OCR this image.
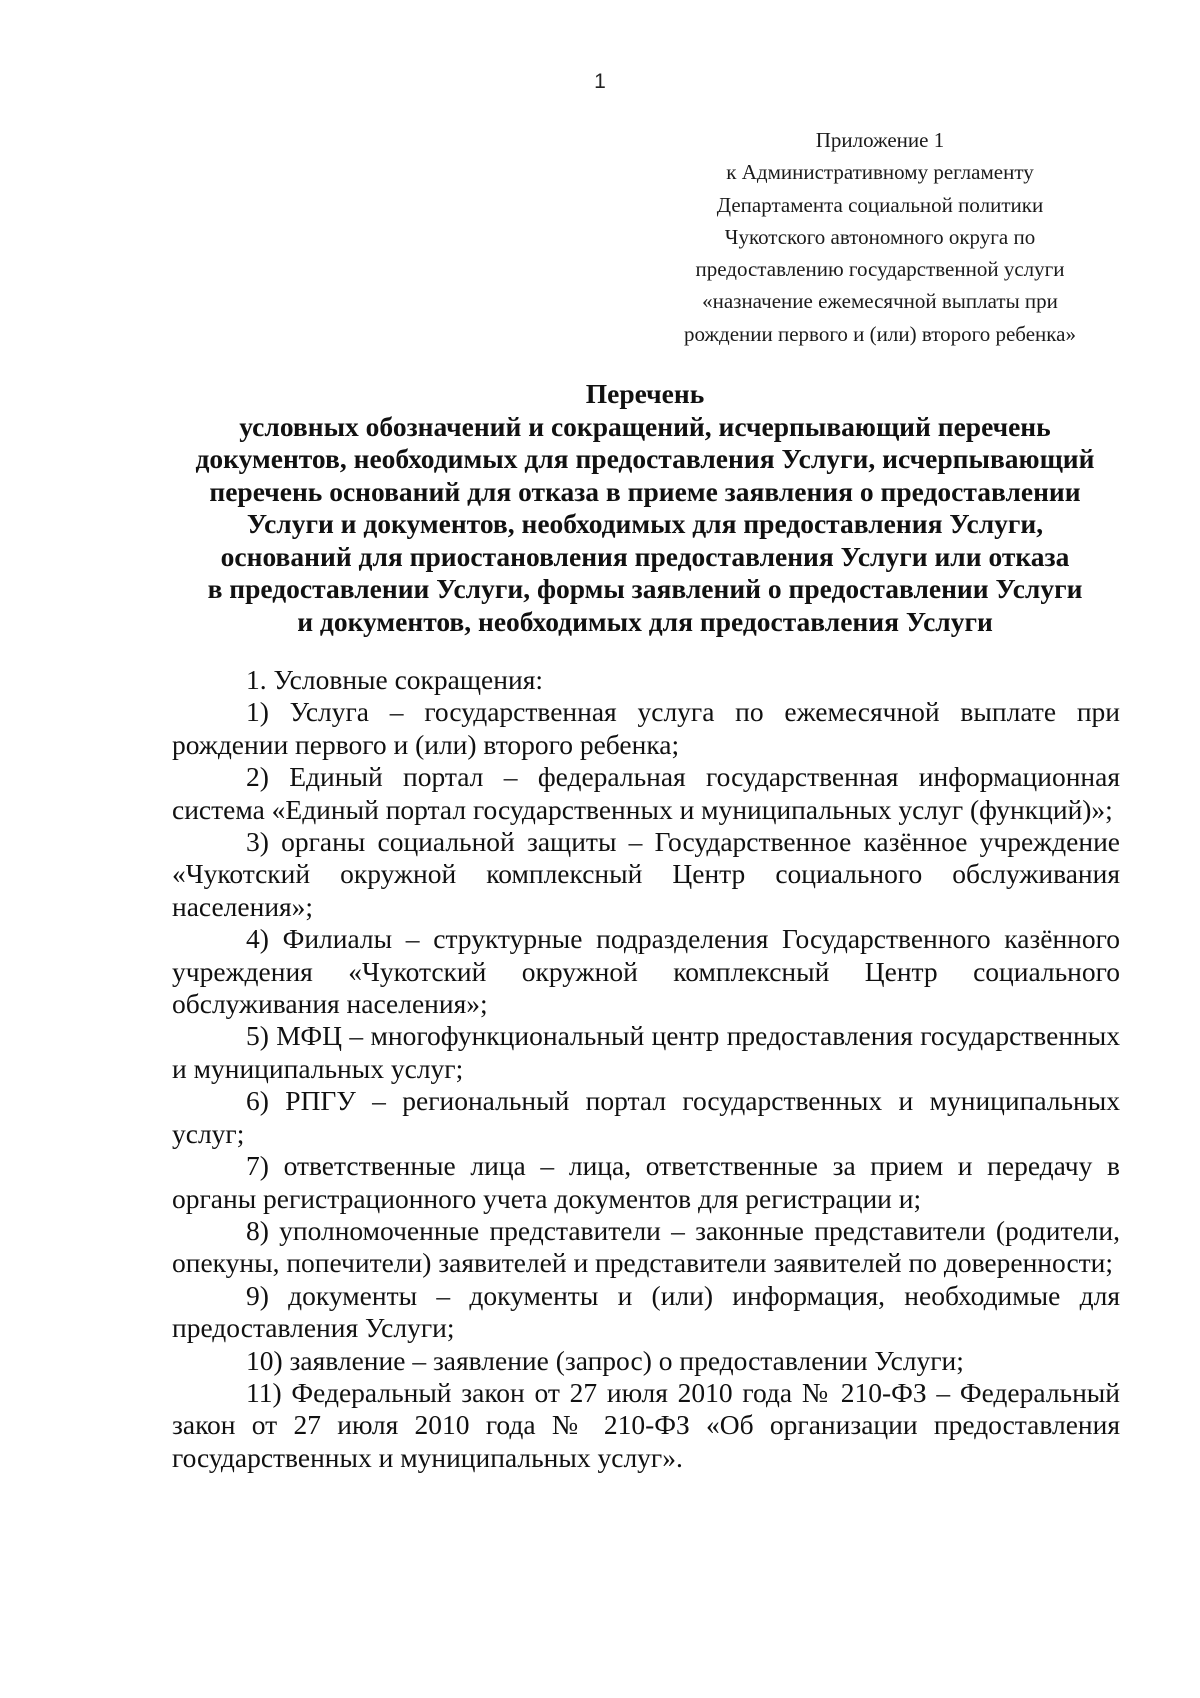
1
Приложение 1
к Административному регламенту
Департамента социальной политики
Чукотского автономного округа по
предоставлению государственной услуги
«назначение ежемесячной выплаты при
рождении первого и (или) второго ребенка»
Перечень
условных обозначений и сокращений, исчерпывающий перечень
документов, необходимых для предоставления Услуги, исчерпывающий
перечень оснований для отказа в приеме заявления о предоставлении
Услуги и документов, необходимых для предоставления Услуги,
оснований для приостановления предоставления Услуги или отказа
в предоставлении Услуги, формы заявлений о предоставлении Услуги
и документов, необходимых для предоставления Услуги

1. Условные сокращения:

1) Услуга – государственная услуга по ежемесячной выплате при рождении первого и (или) второго ребенка;

2) Единый портал – федеральная государственная информационная система «Единый портал государственных и муниципальных услуг (функций)»;

3) органы социальной защиты – Государственное казённое учреждение «Чукотский окружной комплексный Центр социального обслуживания населения»;

4) Филиалы – структурные подразделения Государственного казённого учреждения «Чукотский окружной комплексный Центр социального обслуживания населения»;

5) МФЦ – многофункциональный центр предоставления государственных и муниципальных услуг;

6) РПГУ – региональный портал государственных и муниципальных услуг;

7) ответственные лица – лица, ответственные за прием и передачу в органы регистрационного учета документов для регистрации и;

8) уполномоченные представители – законные представители (родители, опекуны, попечители) заявителей и представители заявителей по доверенности;

9) документы – документы и (или) информация, необходимые для предоставления Услуги;

10) заявление – заявление (запрос) о предоставлении Услуги;

11) Федеральный закон от 27 июля 2010 года № 210-ФЗ – Федеральный закон от 27 июля 2010 года № 210-ФЗ «Об организации предоставления государственных и муниципальных услуг».
